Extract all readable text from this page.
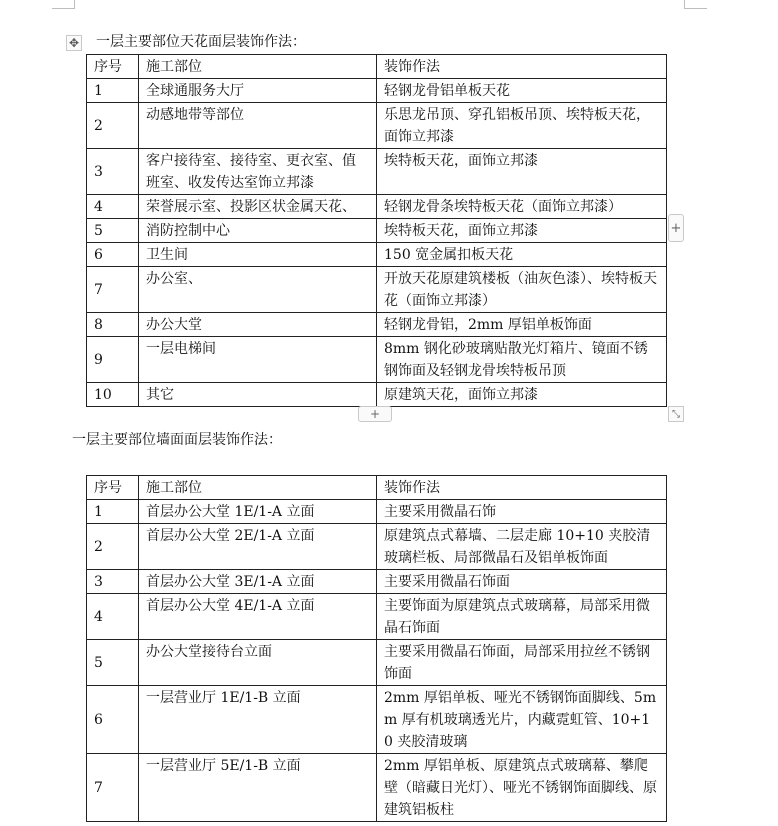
✥ 一层主要部位天花面层装饰作法：
序号	施工部位	装饰作法
1	全球通服务大厅	轻钢龙骨铝单板天花
2	动感地带等部位	乐思龙吊顶、穿孔铝板吊顶、埃特板天花，面饰立邦漆
3	客户接待室、接待室、更衣室、值班室、收发传达室饰立邦漆	埃特板天花，面饰立邦漆
4	荣誉展示室、投影区状金属天花、	轻钢龙骨条埃特板天花（面饰立邦漆）
5	消防控制中心	埃特板天花，面饰立邦漆
6	卫生间	150 宽金属扣板天花
7	办公室、	开放天花原建筑楼板（油灰色漆）、埃特板天花（面饰立邦漆）
8	办公大堂	轻钢龙骨铝，2mm 厚铝单板饰面
9	一层电梯间	8mm 钢化砂玻璃贴散光灯箱片、镜面不锈钢饰面及轻钢龙骨埃特板吊顶
10	其它	原建筑天花，面饰立邦漆
+
+	⤡
一层主要部位墙面面层装饰作法：
序号	施工部位	装饰作法
1	首层办公大堂 1E/1-A 立面	主要采用微晶石饰
2	首层办公大堂 2E/1-A 立面	原建筑点式幕墙、二层走廊 10+10 夹胶清玻璃栏板、局部微晶石及铝单板饰面
3	首层办公大堂 3E/1-A 立面	主要采用微晶石饰面
4	首层办公大堂 4E/1-A 立面	主要饰面为原建筑点式玻璃幕，局部采用微晶石饰面
5	办公大堂接待台立面	主要采用微晶石饰面，局部采用拉丝不锈钢饰面
6	一层营业厅 1E/1-B 立面	2mm 厚铝单板、哑光不锈钢饰面脚线、5mm 厚有机玻璃透光片，内藏霓虹管、10+10 夹胶清玻璃
7	一层营业厅 5E/1-B 立面	2mm 厚铝单板、原建筑点式玻璃幕、攀爬壁（暗藏日光灯）、哑光不锈钢饰面脚线、原建筑铝板柱
